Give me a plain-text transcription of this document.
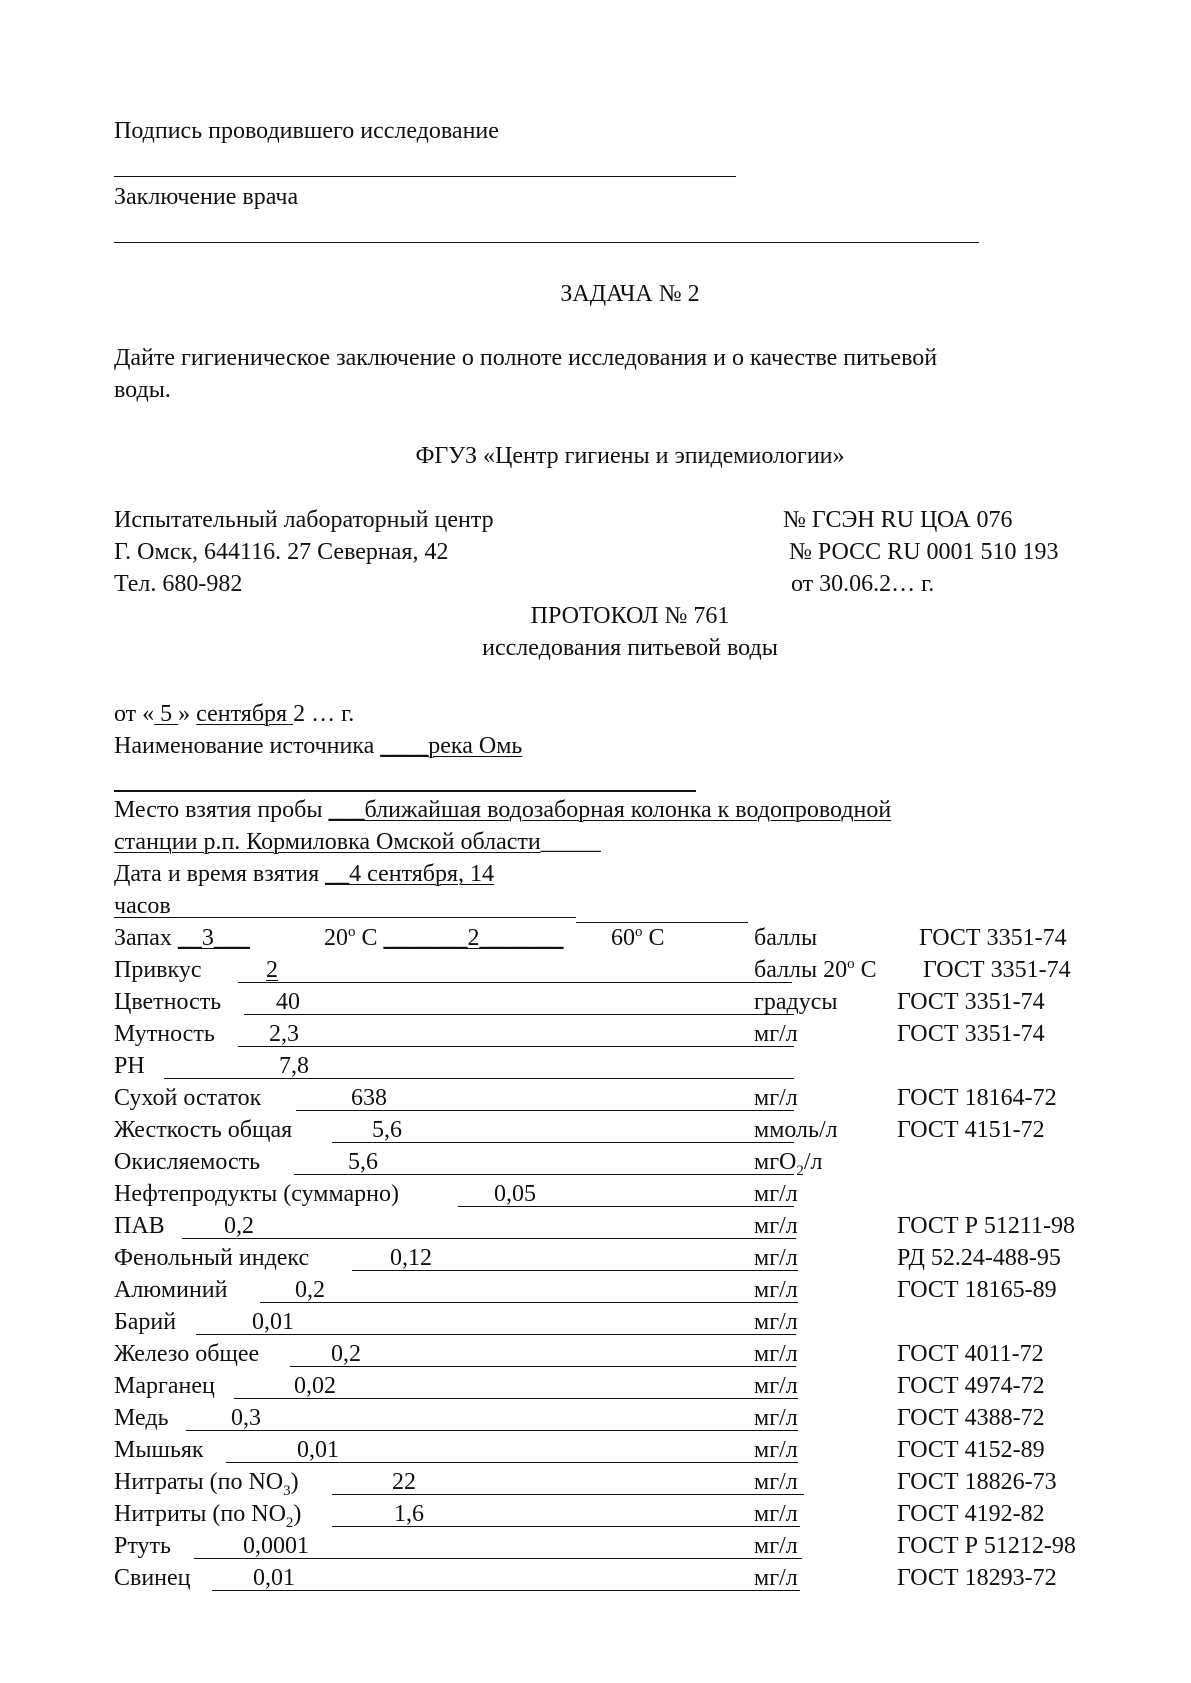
Подпись проводившего исследование
Заключение врача
ЗАДАЧА № 2
Дайте гигиеническое заключение о полноте исследования и о качестве питьевой
воды.
ФГУЗ «Центр гигиены и эпидемиологии»
Испытательный лабораторный центр
Г. Омск, 644116. 27 Северная, 42
Тел. 680-982
№ ГСЭН RU ЦОА 076
№ РОСС RU 0001 510 193
от 30.06.2… г.
ПРОТОКОЛ № 761
исследования питьевой воды
от « 5 » сентября 2 … г.
Наименование источника ____река Омь
Место взятия пробы ___ближайшая водозаборная колонка к водопроводной
станции р.п. Кормиловка Омской области_____
Дата и время взятия __4 сентября, 14
часов
Запах __3___	$20^о$ С _______2_______ $60^о$ С	баллы	ГОСТ 3351-74
Привкус	2	баллы $20^о$ С ГОСТ 3351-74
Цветность 40	градусы ГОСТ 3351-74
Мутность 2,3	мг/л	ГОСТ 3351-74
РН	7,8
Сухой остаток	638	мг/л	ГОСТ 18164-72
Жесткость общая	5,6	ммоль/л ГОСТ 4151-72
Окисляемость	5,6	мгО$_2$/л
Нефтепродукты (суммарно)	0,05	мг/л
ПАВ 0,2	мг/л	ГОСТ Р 51211-98
Фенольный индекс	0,12	мг/л	РД 52.24-488-95
Алюминий	0,2	мг/л	ГОСТ 18165-89
Барий	0,01	мг/л
Железо общее	0,2	мг/л	ГОСТ 4011-72
Марганец	0,02	мг/л	ГОСТ 4974-72
Медь	0,3	мг/л	ГОСТ 4388-72
Мышьяк	0,01	мг/л	ГОСТ 4152-89
Нитраты (по $NO_3$)	22	мг/л	ГОСТ 18826-73
Нитриты (по $NO_2$)	1,6	мг/л	ГОСТ 4192-82
Ртуть	0,0001	мг/л	ГОСТ Р 51212-98
Свинец	0,01	мг/л	ГОСТ 18293-72
